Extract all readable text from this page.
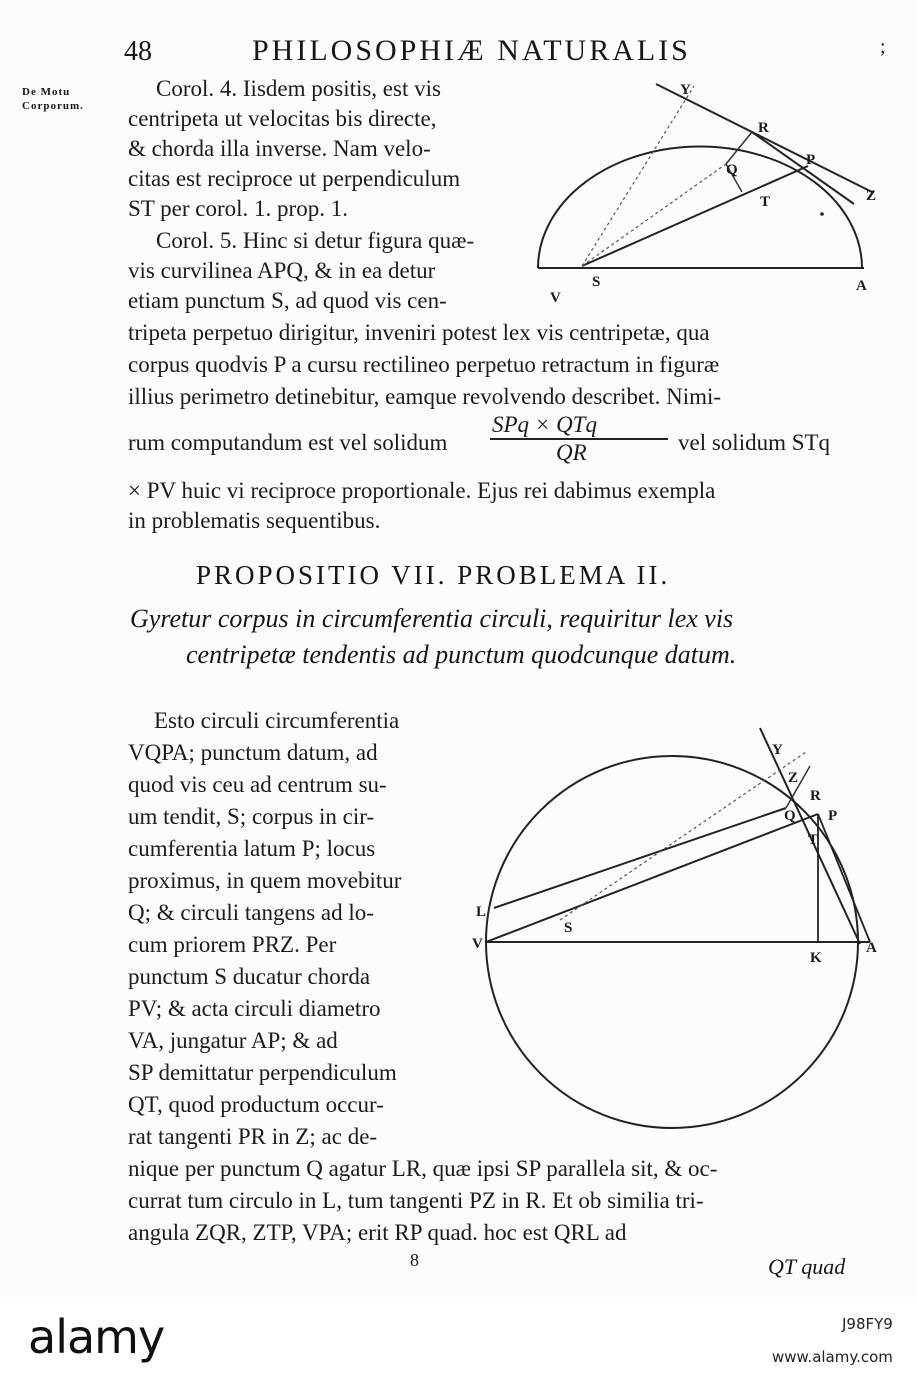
48	PHILOSOPHIÆ NATURALIS	;
De Motu
Corporum.
Corol. 4. Iisdem positis, est vis
centripeta ut velocitas bis directe,
& chorda illa inverse. Nam velo-
citas est reciproce ut perpendiculum
ST per corol. 1. prop. 1.
Corol. 5. Hinc si detur figura quæ-
vis curvilinea APQ, & in ea detur
etiam punctum S, ad quod vis cen-
tripeta perpetuo dirigitur, inveniri potest lex vis centripetæ, qua
corpus quodvis P a cursu rectilineo perpetuo retractum in figuræ
illius perimetro detinebitur, eamque revolvendo describet. Nimi-
rum computandum est vel solidum
SPq × QTq
QR	vel solidum STq
× PV huic vi reciproce proportionale. Ejus rei dabimus exempla
in problematis sequentibus.
Y
R
Q
P
Z
T
V
S	A
PROPOSITIO VII. PROBLEMA II.
Gyretur corpus in circumferentia circuli, requiritur lex vis
centripetæ tendentis ad punctum quodcunque datum.
Esto circuli circumferentia
VQPA; punctum datum, ad
quod vis ceu ad centrum su-
um tendit, S; corpus in cir-
cumferentia latum P; locus
proximus, in quem movebitur
Q; & circuli tangens ad lo-
cum priorem PRZ. Per
punctum S ducatur chorda
PV; & acta circuli diametro
VA, jungatur AP; & ad
SP demittatur perpendiculum
QT, quod productum occur-
rat tangenti PR in Z; ac de-
nique per punctum Q agatur LR, quæ ipsi SP parallela sit, & oc-
currat tum circulo in L, tum tangenti PZ in R. Et ob similia tri-
angula ZQR, ZTP, VPA; erit RP quad. hoc est QRL ad
Y
Z
R
Q P
T
L
S
V
K
A
8	QT quad
alamy	J98FY9
www.alamy.com
